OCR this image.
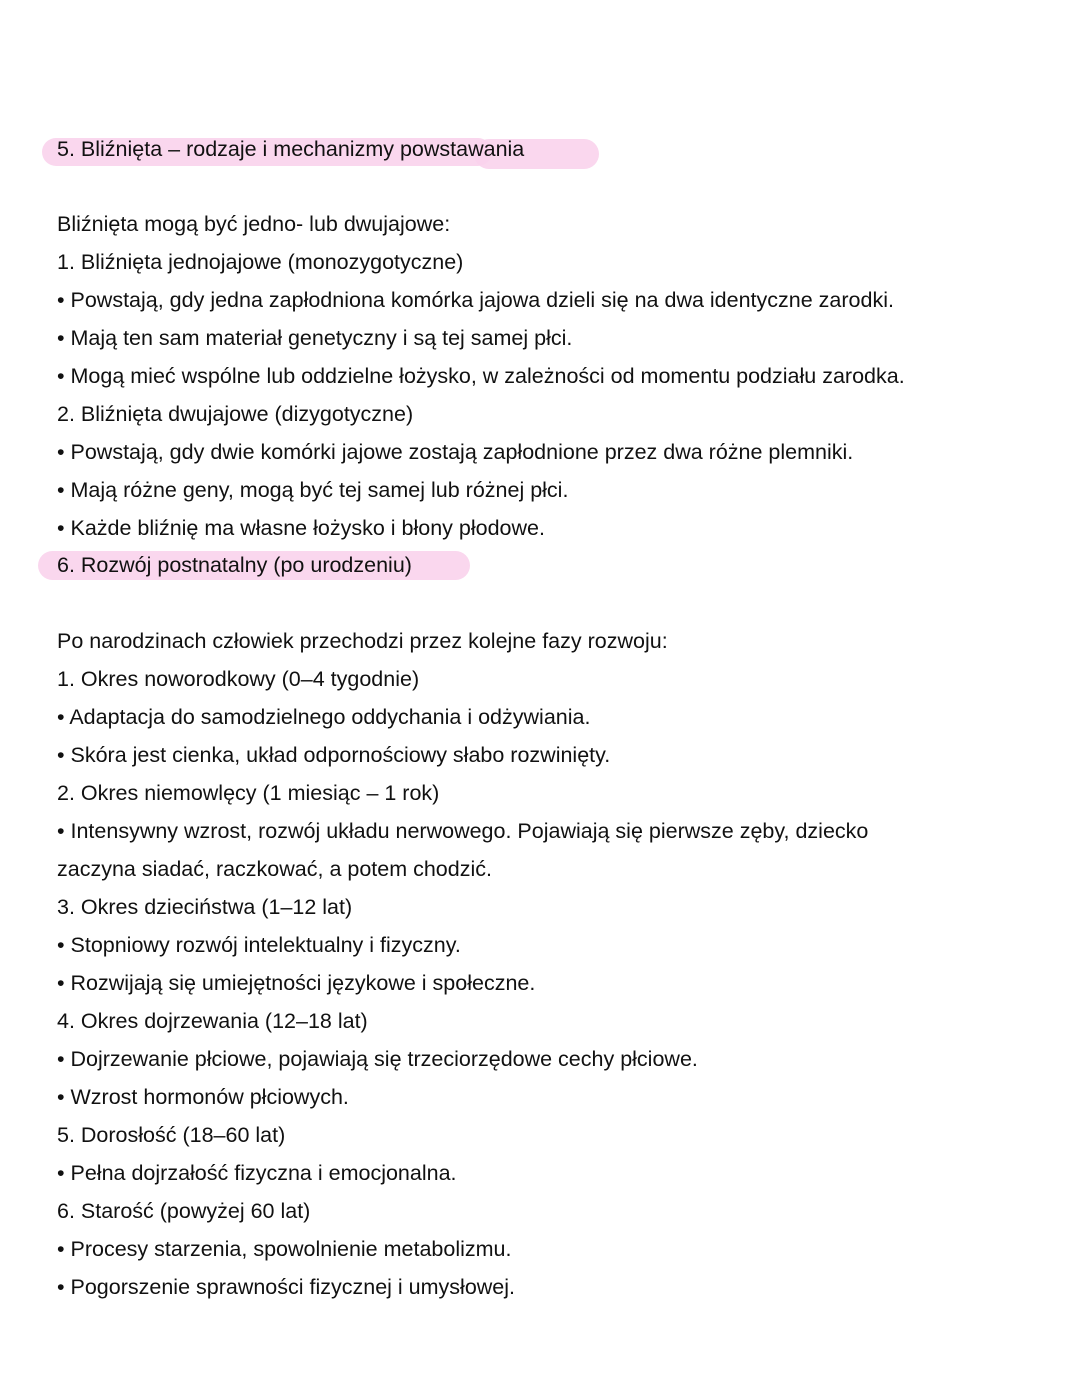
5. Bliźnięta – rodzaje i mechanizmy powstawania
Bliźnięta mogą być jedno- lub dwujajowe:
1. Bliźnięta jednojajowe (monozygotyczne)
• Powstają, gdy jedna zapłodniona komórka jajowa dzieli się na dwa identyczne zarodki.
• Mają ten sam materiał genetyczny i są tej samej płci.
• Mogą mieć wspólne lub oddzielne łożysko, w zależności od momentu podziału zarodka.
2. Bliźnięta dwujajowe (dizygotyczne)
• Powstają, gdy dwie komórki jajowe zostają zapłodnione przez dwa różne plemniki.
• Mają różne geny, mogą być tej samej lub różnej płci.
• Każde bliźnię ma własne łożysko i błony płodowe.
6. Rozwój postnatalny (po urodzeniu)
Po narodzinach człowiek przechodzi przez kolejne fazy rozwoju:
1. Okres noworodkowy (0–4 tygodnie)
• Adaptacja do samodzielnego oddychania i odżywiania.
• Skóra jest cienka, układ odpornościowy słabo rozwinięty.
2. Okres niemowlęcy (1 miesiąc – 1 rok)
• Intensywny wzrost, rozwój układu nerwowego. Pojawiają się pierwsze zęby, dziecko
zaczyna siadać, raczkować, a potem chodzić.
3. Okres dzieciństwa (1–12 lat)
• Stopniowy rozwój intelektualny i fizyczny.
• Rozwijają się umiejętności językowe i społeczne.
4. Okres dojrzewania (12–18 lat)
• Dojrzewanie płciowe, pojawiają się trzeciorzędowe cechy płciowe.
• Wzrost hormonów płciowych.
5. Dorosłość (18–60 lat)
• Pełna dojrzałość fizyczna i emocjonalna.
6. Starość (powyżej 60 lat)
• Procesy starzenia, spowolnienie metabolizmu.
• Pogorszenie sprawności fizycznej i umysłowej.
